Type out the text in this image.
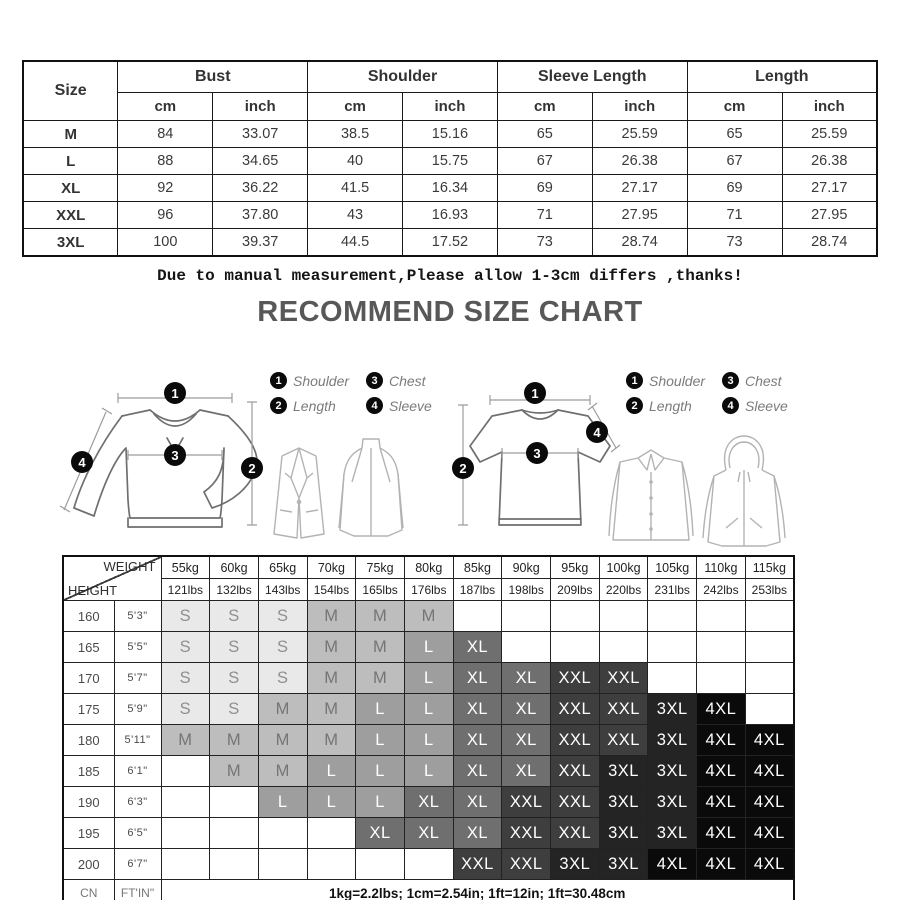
Size	Bust		Shoulder		Sleeve Length		Length	
	cm	inch	cm	inch	cm	inch	cm	inch
M	84	33.07	38.5	15.16	65	25.59	65	25.59
L	88	34.65	40	15.75	67	26.38	67	26.38
XL	92	36.22	41.5	16.34	69	27.17	69	27.17
XXL	96	37.80	43	16.93	71	27.95	71	27.95
3XL	100	39.37	44.5	17.52	73	28.74	73	28.74
Due to manual measurement,Please allow 1-3cm differs ,thanks!
RECOMMEND SIZE CHART
1
3
2
4
1
3
2
4
1 Shoulder	3 Chest
2 Length	4 Sleeve
1 Shoulder	3 Chest
2 Length	4 Sleeve
WEIGHT
HEIGHT		55kg	60kg	65kg	70kg	75kg	80kg	85kg	90kg	95kg	100kg	105kg	110kg	115kg
		121lbs	132lbs	143lbs	154lbs	165lbs	176lbs	187lbs	198lbs	209lbs	220lbs	231lbs	242lbs	253lbs
160	5'3"	S	S	S	M	M	M							
165	5'5"	S	S	S	M	M	L	XL						
170	5'7"	S	S	S	M	M	L	XL	XL	XXL	XXL			
175	5'9"	S	S	M	M	L	L	XL	XL	XXL	XXL	3XL	4XL	
180	5'11"	M	M	M	M	L	L	XL	XL	XXL	XXL	3XL	4XL	4XL
185	6'1"		M	M	L	L	L	XL	XL	XXL	3XL	3XL	4XL	4XL
190	6'3"			L	L	L	XL	XL	XXL	XXL	3XL	3XL	4XL	4XL
195	6'5"					XL	XL	XL	XXL	XXL	3XL	3XL	4XL	4XL
200	6'7"							XXL	XXL	3XL	3XL	4XL	4XL	4XL
CN	FT'IN"	1kg=2.2lbs; 1cm=2.54in; 1ft=12in; 1ft=30.48cm												
